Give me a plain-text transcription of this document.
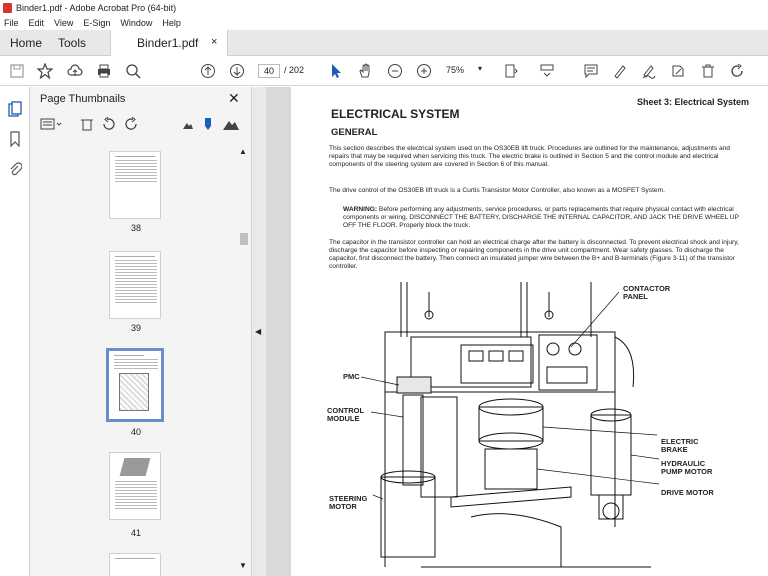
Binder1.pdf - Adobe Acrobat Pro (64-bit)
File Edit View E-Sign Window Help
Home Tools	Binder1.pdf ×
40	/ 202	75% ▾
Page Thumbnails	✕
38
39
40
41
▲
▼
◀
Sheet 3: Electrical System
ELECTRICAL SYSTEM
GENERAL

This section describes the electrical system used on the OS30EB lift truck. Procedures are outlined for the maintenance, adjustments and repairs that may be required when servicing this truck. The electric brake is outlined in Section 5 and the control module and electrical components of the steering system are covered in Section 6 of this manual.

The drive control of the OS30EB lift truck is a Curtis Transistor Motor Controller, also known as a MOSFET System.

WARNING: Before performing any adjustments, service procedures, or parts replacements that require physical contact with electrical components or wiring, DISCONNECT THE BATTERY, DISCHARGE THE INTERNAL CAPACITOR, AND JACK THE DRIVE WHEEL UP OFF THE FLOOR. Properly block the truck.

The capacitor in the transistor controller can hold an electrical charge after the battery is disconnected. To prevent electrical shock and injury, discharge the capacitor before inspecting or repairing components in the drive unit compartment. Wear safety glasses. To discharge the capacitor, first disconnect the battery. Then connect an insulated jumper wire between the B+ and B-terminals (Figure 3-11) of the transistor controller.

CONTACTOR
PANEL
PMC
CONTROL
MODULE
ELECTRIC
BRAKE
HYDRAULIC
PUMP MOTOR
DRIVE MOTOR
STEERING
MOTOR
